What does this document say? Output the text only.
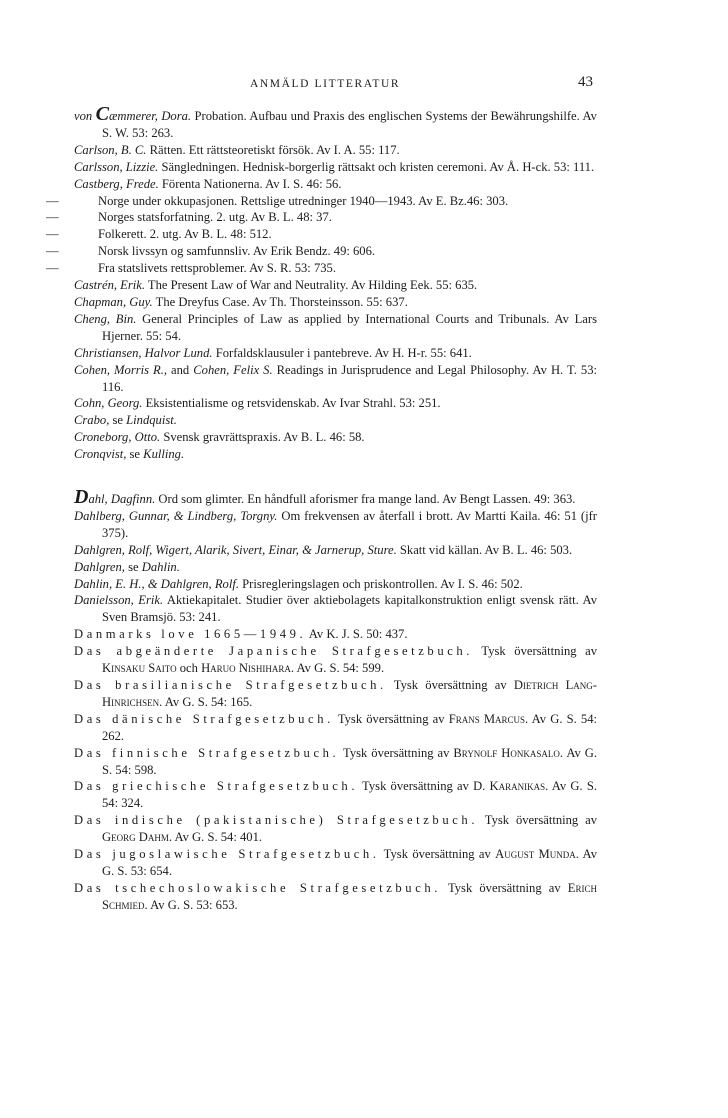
ANMÄLD LITTERATUR	43
von Cæmmerer, Dora. Probation. Aufbau und Praxis des englischen Systems der Bewährungshilfe. Av S. W. 53: 263.
Carlson, B. C. Rätten. Ett rättsteoretiskt försök. Av I. A. 55: 117.
Carlsson, Lizzie. Sängledningen. Hednisk-borgerlig rättsakt och kristen ceremoni. Av Å. H-ck. 53: 111.
Castberg, Frede. Förenta Nationerna. Av I. S. 46: 56.
—	Norge under okkupasjonen. Rettslige utredninger 1940—1943. Av E. Bz.46: 303.
—	Norges statsforfatning. 2. utg. Av B. L. 48: 37.
—	Folkerett. 2. utg. Av B. L. 48: 512.
—	Norsk livssyn og samfunnsliv. Av Erik Bendz. 49: 606.
—	Fra statslivets rettsproblemer. Av S. R. 53: 735.
Castrén, Erik. The Present Law of War and Neutrality. Av Hilding Eek. 55: 635.
Chapman, Guy. The Dreyfus Case. Av Th. Thorsteinsson. 55: 637.
Cheng, Bin. General Principles of Law as applied by International Courts and Tribunals. Av Lars Hjerner. 55: 54.
Christiansen, Halvor Lund. Forfaldsklausuler i pantebreve. Av H. H-r. 55: 641.
Cohen, Morris R., and Cohen, Felix S. Readings in Jurisprudence and Legal Philosophy. Av H. T. 53: 116.
Cohn, Georg. Eksistentialisme og retsvidenskab. Av Ivar Strahl. 53: 251.
Crabo, se Lindquist.
Croneborg, Otto. Svensk gravrättspraxis. Av B. L. 46: 58.
Cronqvist, se Kulling.
Dahl, Dagfinn. Ord som glimter. En håndfull aforismer fra mange land. Av Bengt Lassen. 49: 363.
Dahlberg, Gunnar, & Lindberg, Torgny. Om frekvensen av återfall i brott. Av Martti Kaila. 46: 51 (jfr 375).
Dahlgren, Rolf, Wigert, Alarik, Sivert, Einar, & Jarnerup, Sture. Skatt vid källan. Av B. L. 46: 503.
Dahlgren, se Dahlin.
Dahlin, E. H., & Dahlgren, Rolf. Prisregleringslagen och priskontrollen. Av I. S. 46: 502.
Danielsson, Erik. Aktiekapitalet. Studier över aktiebolagets kapitalkonstruktion enligt svensk rätt. Av Sven Bramsjö. 53: 241.
Danmarks love 1665—1949. Av K. J. S. 50: 437.
Das abgeänderte Japanische Strafgesetzbuch. Tysk översättning av Kinsaku Saito och Haruo Nishihara. Av G. S. 54: 599.
Das brasilianische Strafgesetzbuch. Tysk översättning av Dietrich Lang-Hinrichsen. Av G. S. 54: 165.
Das dänische Strafgesetzbuch. Tysk översättning av Frans Marcus. Av G. S. 54: 262.
Das finnische Strafgesetzbuch. Tysk översättning av Brynolf Honkasalo. Av G. S. 54: 598.
Das griechische Strafgesetzbuch. Tysk översättning av D. Karanikas. Av G. S. 54: 324.
Das indische (pakistanische) Strafgesetzbuch. Tysk översättning av Georg Dahm. Av G. S. 54: 401.
Das jugoslawische Strafgesetzbuch. Tysk översättning av August Munda. Av G. S. 53: 654.
Das tschechoslowakische Strafgesetzbuch. Tysk översättning av Erich Schmied. Av G. S. 53: 653.
